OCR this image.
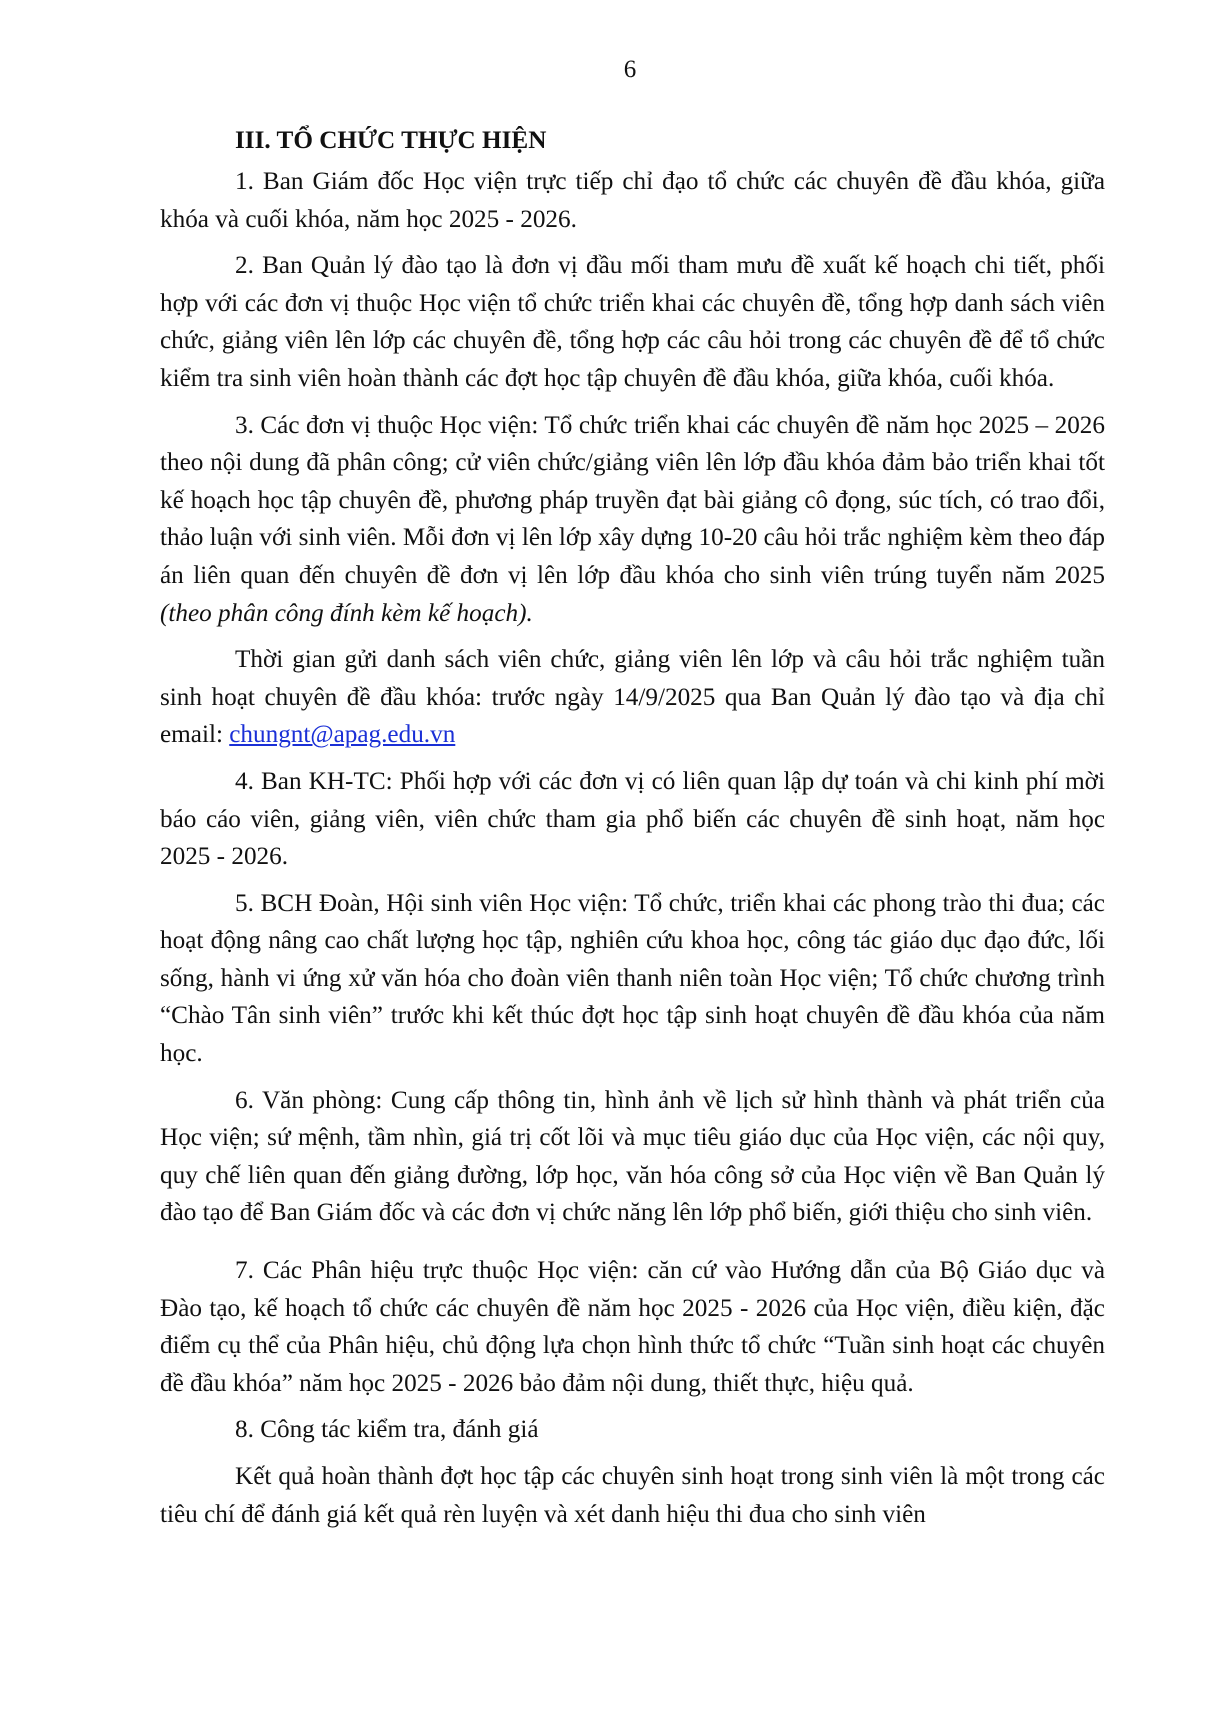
6
III. TỔ CHỨC THỰC HIỆN

1. Ban Giám đốc Học viện trực tiếp chỉ đạo tổ chức các chuyên đề đầu khóa, giữa khóa và cuối khóa, năm học 2025 - 2026.

2. Ban Quản lý đào tạo là đơn vị đầu mối tham mưu đề xuất kế hoạch chi tiết, phối hợp với các đơn vị thuộc Học viện tổ chức triển khai các chuyên đề, tổng hợp danh sách viên chức, giảng viên lên lớp các chuyên đề, tổng hợp các câu hỏi trong các chuyên đề để tổ chức kiểm tra sinh viên hoàn thành các đợt học tập chuyên đề đầu khóa, giữa khóa, cuối khóa.

3. Các đơn vị thuộc Học viện: Tổ chức triển khai các chuyên đề năm học 2025 – 2026 theo nội dung đã phân công; cử viên chức/giảng viên lên lớp đầu khóa đảm bảo triển khai tốt kế hoạch học tập chuyên đề, phương pháp truyền đạt bài giảng cô đọng, súc tích, có trao đổi, thảo luận với sinh viên. Mỗi đơn vị lên lớp xây dựng 10-20 câu hỏi trắc nghiệm kèm theo đáp án liên quan đến chuyên đề đơn vị lên lớp đầu khóa cho sinh viên trúng tuyển năm 2025 (theo phân công đính kèm kế hoạch).

Thời gian gửi danh sách viên chức, giảng viên lên lớp và câu hỏi trắc nghiệm tuần sinh hoạt chuyên đề đầu khóa: trước ngày 14/9/2025 qua Ban Quản lý đào tạo và địa chỉ email: chungnt@apag.edu.vn

4. Ban KH-TC: Phối hợp với các đơn vị có liên quan lập dự toán và chi kinh phí mời báo cáo viên, giảng viên, viên chức tham gia phổ biến các chuyên đề sinh hoạt, năm học 2025 - 2026.

5. BCH Đoàn, Hội sinh viên Học viện: Tổ chức, triển khai các phong trào thi đua; các hoạt động nâng cao chất lượng học tập, nghiên cứu khoa học, công tác giáo dục đạo đức, lối sống, hành vi ứng xử văn hóa cho đoàn viên thanh niên toàn Học viện; Tổ chức chương trình “Chào Tân sinh viên” trước khi kết thúc đợt học tập sinh hoạt chuyên đề đầu khóa của năm học.

6. Văn phòng: Cung cấp thông tin, hình ảnh về lịch sử hình thành và phát triển của Học viện; sứ mệnh, tầm nhìn, giá trị cốt lõi và mục tiêu giáo dục của Học viện, các nội quy, quy chế liên quan đến giảng đường, lớp học, văn hóa công sở của Học viện về Ban Quản lý đào tạo để Ban Giám đốc và các đơn vị chức năng lên lớp phổ biến, giới thiệu cho sinh viên.

7. Các Phân hiệu trực thuộc Học viện: căn cứ vào Hướng dẫn của Bộ Giáo dục và Đào tạo, kế hoạch tổ chức các chuyên đề năm học 2025 - 2026 của Học viện, điều kiện, đặc điểm cụ thể của Phân hiệu, chủ động lựa chọn hình thức tổ chức “Tuần sinh hoạt các chuyên đề đầu khóa” năm học 2025 - 2026 bảo đảm nội dung, thiết thực, hiệu quả.

8. Công tác kiểm tra, đánh giá

Kết quả hoàn thành đợt học tập các chuyên sinh hoạt trong sinh viên là một trong các tiêu chí để đánh giá kết quả rèn luyện và xét danh hiệu thi đua cho sinh viên
